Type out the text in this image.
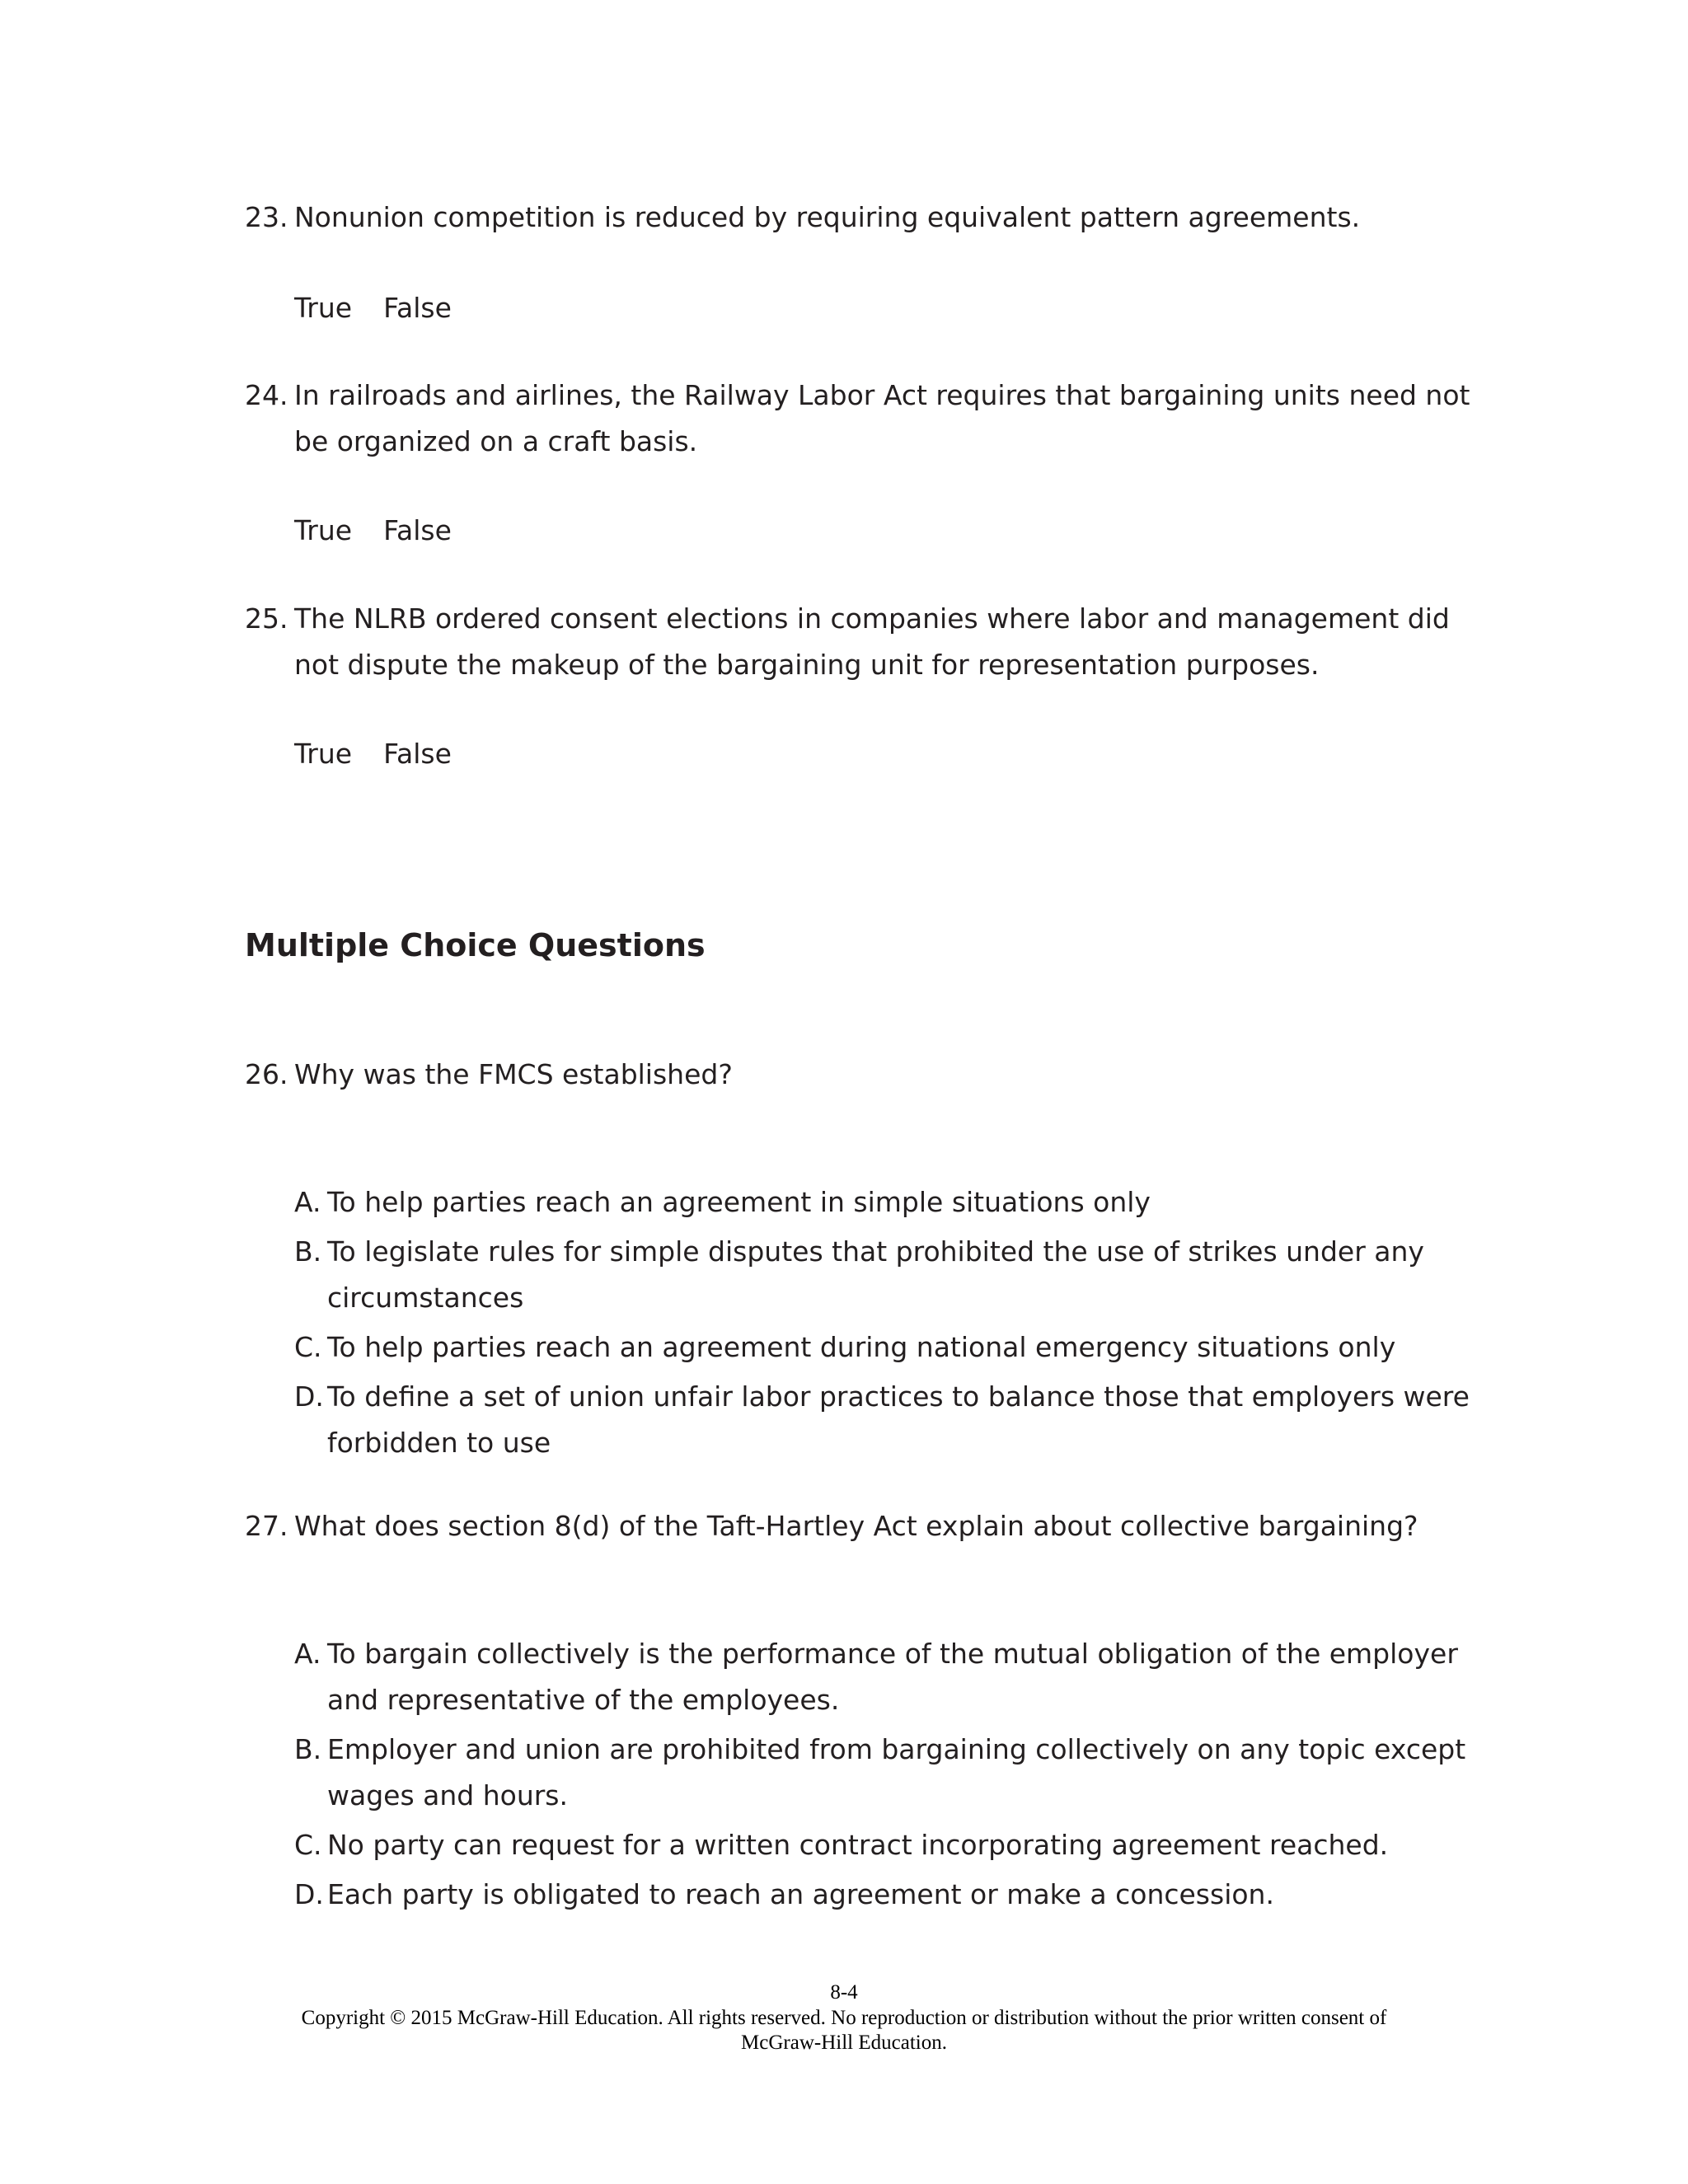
23. Nonunion competition is reduced by requiring equivalent pattern agreements.
True False
24. In railroads and airlines, the Railway Labor Act requires that bargaining units need not be organized on a craft basis.
True False
25. The NLRB ordered consent elections in companies where labor and management did not dispute the makeup of the bargaining unit for representation purposes.
True False
Multiple Choice Questions
26. Why was the FMCS established?
A. To help parties reach an agreement in simple situations only
B. To legislate rules for simple disputes that prohibited the use of strikes under any circumstances
C. To help parties reach an agreement during national emergency situations only
D. To define a set of union unfair labor practices to balance those that employers were forbidden to use
27. What does section 8(d) of the Taft-Hartley Act explain about collective bargaining?
A. To bargain collectively is the performance of the mutual obligation of the employer and representative of the employees.
B. Employer and union are prohibited from bargaining collectively on any topic except wages and hours.
C. No party can request for a written contract incorporating agreement reached.
D. Each party is obligated to reach an agreement or make a concession.
8-4
Copyright © 2015 McGraw-Hill Education. All rights reserved. No reproduction or distribution without the prior written consent of
McGraw-Hill Education.
